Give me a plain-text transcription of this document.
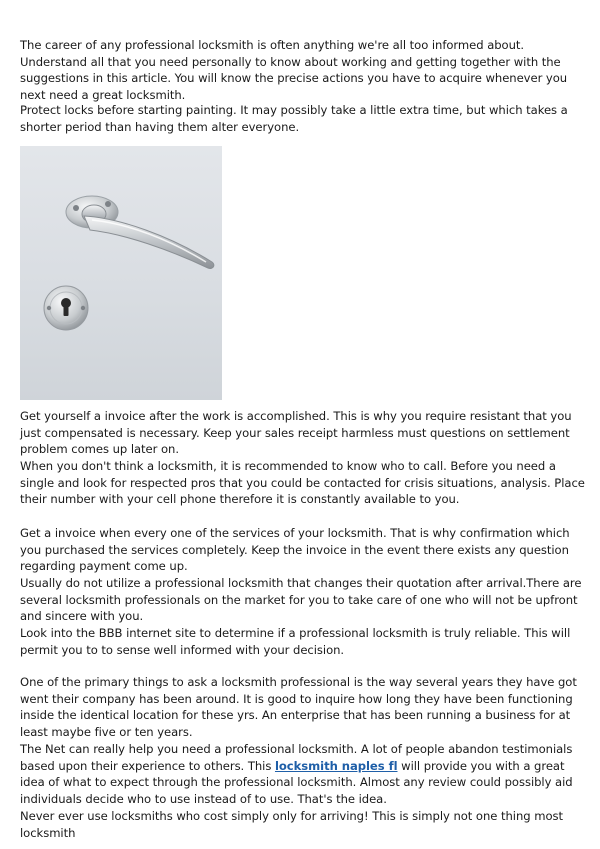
The career of any professional locksmith is often anything we're all too informed about. Understand all that you need personally to know about working and getting together with the suggestions in this article. You will know the precise actions you have to acquire whenever you next need a great locksmith.

Protect locks before starting painting. It may possibly take a little extra time, but which takes a shorter period than having them alter everyone.

Get yourself a invoice after the work is accomplished. This is why you require resistant that you just compensated is necessary. Keep your sales receipt harmless must questions on settlement problem comes up later on.

When you don't think a locksmith, it is recommended to know who to call. Before you need a single and look for respected pros that you could be contacted for crisis situations, analysis. Place their number with your cell phone therefore it is constantly available to you.

Get a invoice when every one of the services of your locksmith. That is why confirmation which you purchased the services completely. Keep the invoice in the event there exists any question regarding payment come up.

Usually do not utilize a professional locksmith that changes their quotation after arrival.There are several locksmith professionals on the market for you to take care of one who will not be upfront and sincere with you.

Look into the BBB internet site to determine if a professional locksmith is truly reliable. This will permit you to to sense well informed with your decision.

One of the primary things to ask a locksmith professional is the way several years they have got went their company has been around. It is good to inquire how long they have been functioning inside the identical location for these yrs. An enterprise that has been running a business for at least maybe five or ten years.

The Net can really help you need a professional locksmith. A lot of people abandon testimonials based upon their experience to others. This locksmith naples fl will provide you with a great idea of what to expect through the professional locksmith. Almost any review could possibly aid individuals decide who to use instead of to use. That's the idea.

Never ever use locksmiths who cost simply only for arriving! This is simply not one thing most locksmith
